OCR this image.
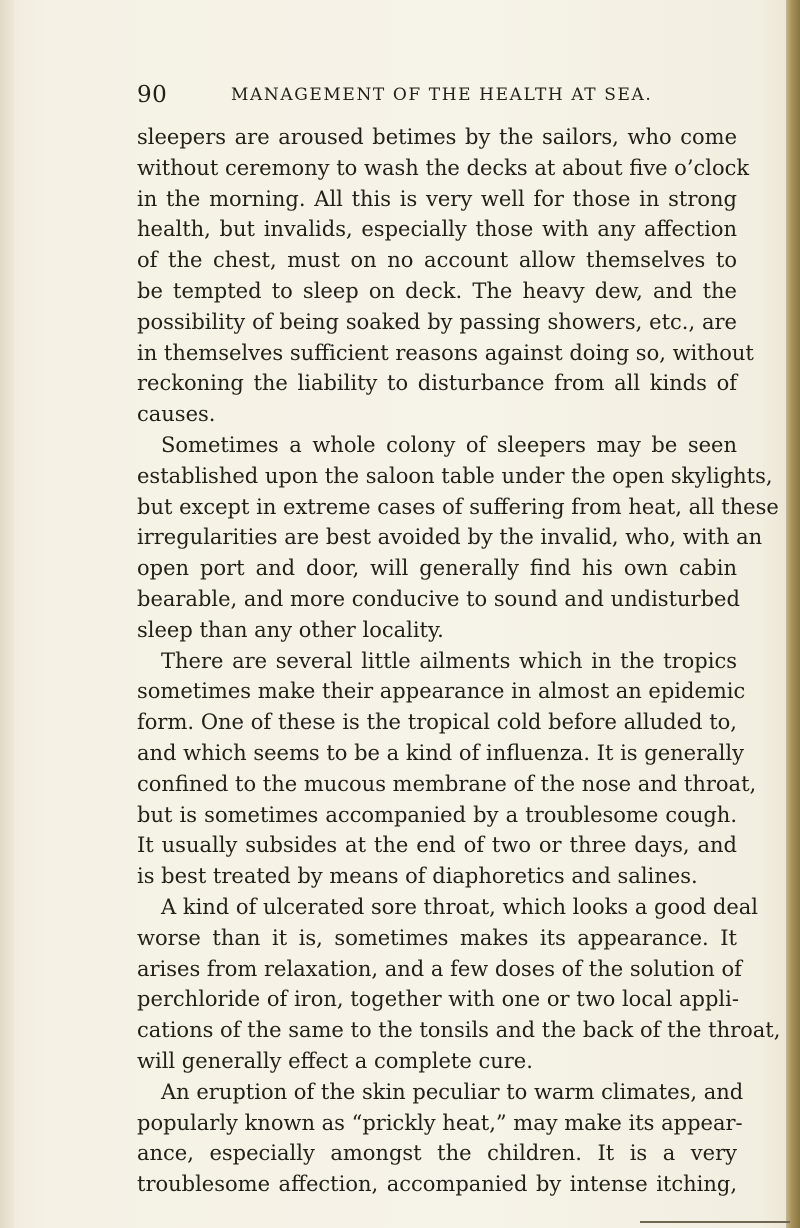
90	MANAGEMENT OF THE HEALTH AT SEA.
sleepers are aroused betimes by the sailors, who come
without ceremony to wash the decks at about five o’clock
in the morning. All this is very well for those in strong
health, but invalids, especially those with any affection
of the chest, must on no account allow themselves to
be tempted to sleep on deck. The heavy dew, and the
possibility of being soaked by passing showers, etc., are
in themselves sufficient reasons against doing so, without
reckoning the liability to disturbance from all kinds of
causes.
Sometimes a whole colony of sleepers may be seen
established upon the saloon table under the open skylights,
but except in extreme cases of suffering from heat, all these
irregularities are best avoided by the invalid, who, with an
open port and door, will generally find his own cabin
bearable, and more conducive to sound and undisturbed
sleep than any other locality.
There are several little ailments which in the tropics
sometimes make their appearance in almost an epidemic
form. One of these is the tropical cold before alluded to,
and which seems to be a kind of influenza. It is generally
confined to the mucous membrane of the nose and throat,
but is sometimes accompanied by a troublesome cough.
It usually subsides at the end of two or three days, and
is best treated by means of diaphoretics and salines.
A kind of ulcerated sore throat, which looks a good deal
worse than it is, sometimes makes its appearance. It
arises from relaxation, and a few doses of the solution of
perchloride of iron, together with one or two local appli-
cations of the same to the tonsils and the back of the throat,
will generally effect a complete cure.
An eruption of the skin peculiar to warm climates, and
popularly known as “prickly heat,” may make its appear-
ance, especially amongst the children. It is a very
troublesome affection, accompanied by intense itching,
